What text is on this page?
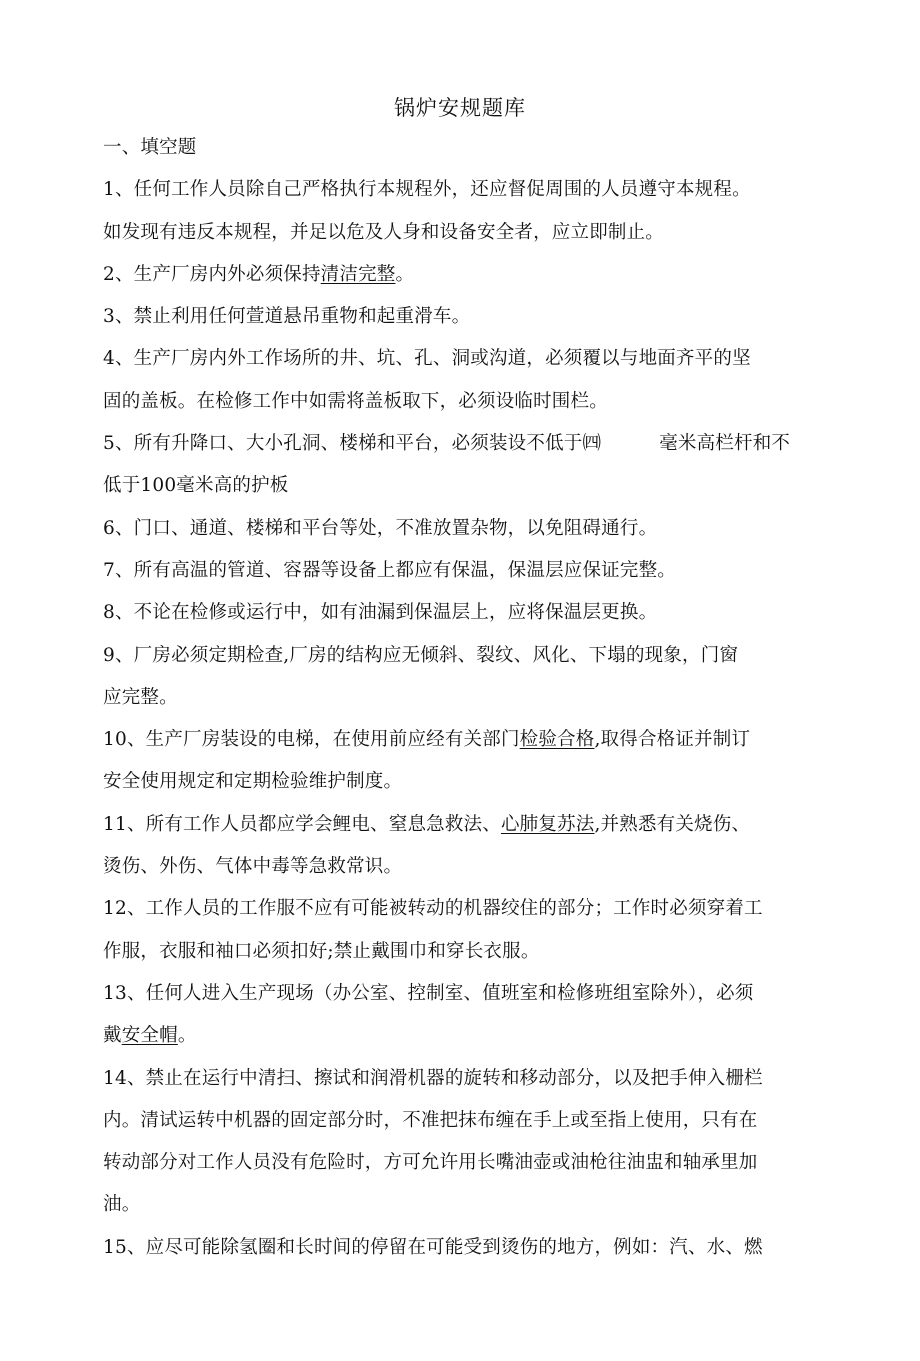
锅炉安规题库
一、填空题
1、任何工作人员除自己严格执行本规程外，还应督促周围的人员遵守本规程。
如发现有违反本规程，并足以危及人身和设备安全者，应立即制止。
2、生产厂房内外必须保持清洁完整。
3、禁止利用任何萱道悬吊重物和起重滑车。
4、生产厂房内外工作场所的井、坑、孔、洞或沟道，必须覆以与地面齐平的坚
固的盖板。在检修工作中如需将盖板取下，必须设临时围栏。
5、所有升降口、大小孔洞、楼梯和平台，必须装设不低于㈣	毫米高栏杆和不
低于100毫米高的护板
6、门口、通道、楼梯和平台等处，不准放置杂物，以免阻碍通行。
7、所有高温的管道、容器等设备上都应有保温，保温层应保证完整。
8、不论在检修或运行中，如有油漏到保温层上，应将保温层更换。
9、厂房必须定期检查,厂房的结构应无倾斜、裂纹、风化、下塌的现象，门窗
应完整。
10、生产厂房装设的电梯，在使用前应经有关部门检验合格,取得合格证并制订
安全使用规定和定期检验维护制度。
11、所有工作人员都应学会鲤电、窒息急救法、心肺复苏法,并熟悉有关烧伤、
烫伤、外伤、气体中毒等急救常识。
12、工作人员的工作服不应有可能被转动的机器绞住的部分；工作时必须穿着工
作服，衣服和袖口必须扣好;禁止戴围巾和穿长衣服。
13、任何人进入生产现场（办公室、控制室、值班室和检修班组室除外），必须
戴安全帽。
14、禁止在运行中清扫、擦试和润滑机器的旋转和移动部分，以及把手伸入栅栏
内。清试运转中机器的固定部分时，不准把抹布缠在手上或至指上使用，只有在
转动部分对工作人员没有危险时，方可允许用长嘴油壶或油枪往油盅和轴承里加
油。
15、应尽可能除氢圈和长时间的停留在可能受到烫伤的地方，例如：汽、水、燃
